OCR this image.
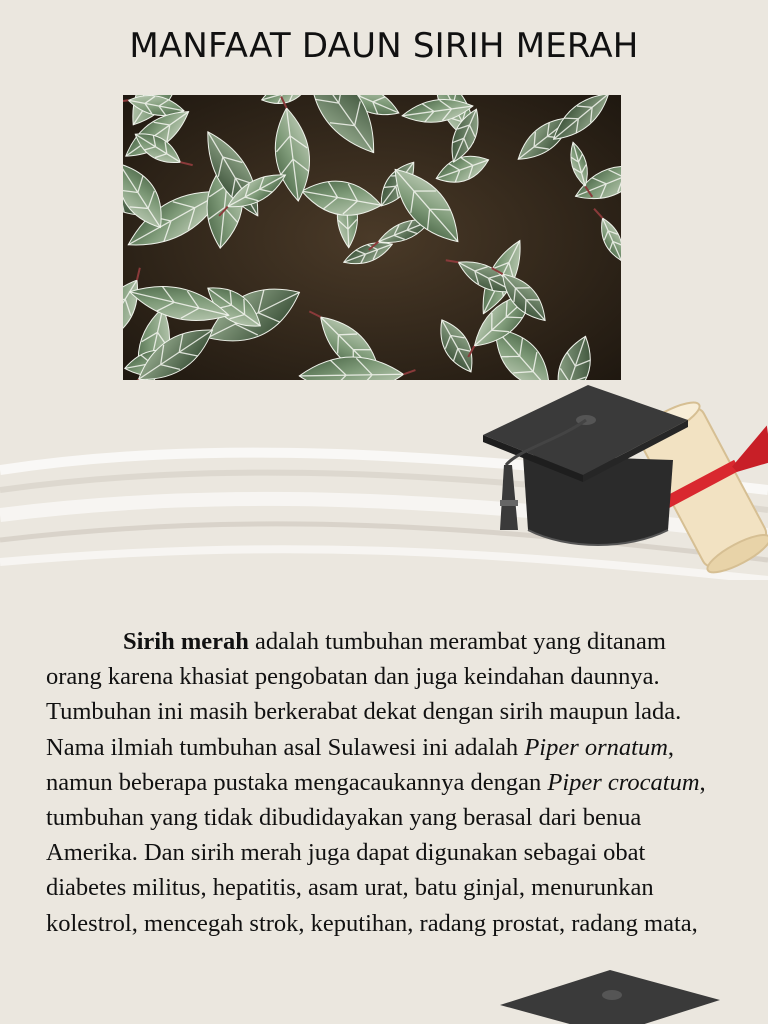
MANFAAT DAUN SIRIH MERAH

Sirih merah adalah tumbuhan merambat yang ditanam orang karena khasiat pengobatan dan juga keindahan daunnya. Tumbuhan ini masih berkerabat dekat dengan sirih maupun lada. Nama ilmiah tumbuhan asal Sulawesi ini adalah Piper ornatum, namun beberapa pustaka mengacaukannya dengan Piper crocatum, tumbuhan yang tidak dibudidayakan yang berasal dari benua Amerika. Dan sirih merah juga dapat digunakan sebagai obat diabetes militus, hepatitis, asam urat, batu ginjal, menurunkan kolestrol, mencegah strok, keputihan, radang prostat, radang mata,
